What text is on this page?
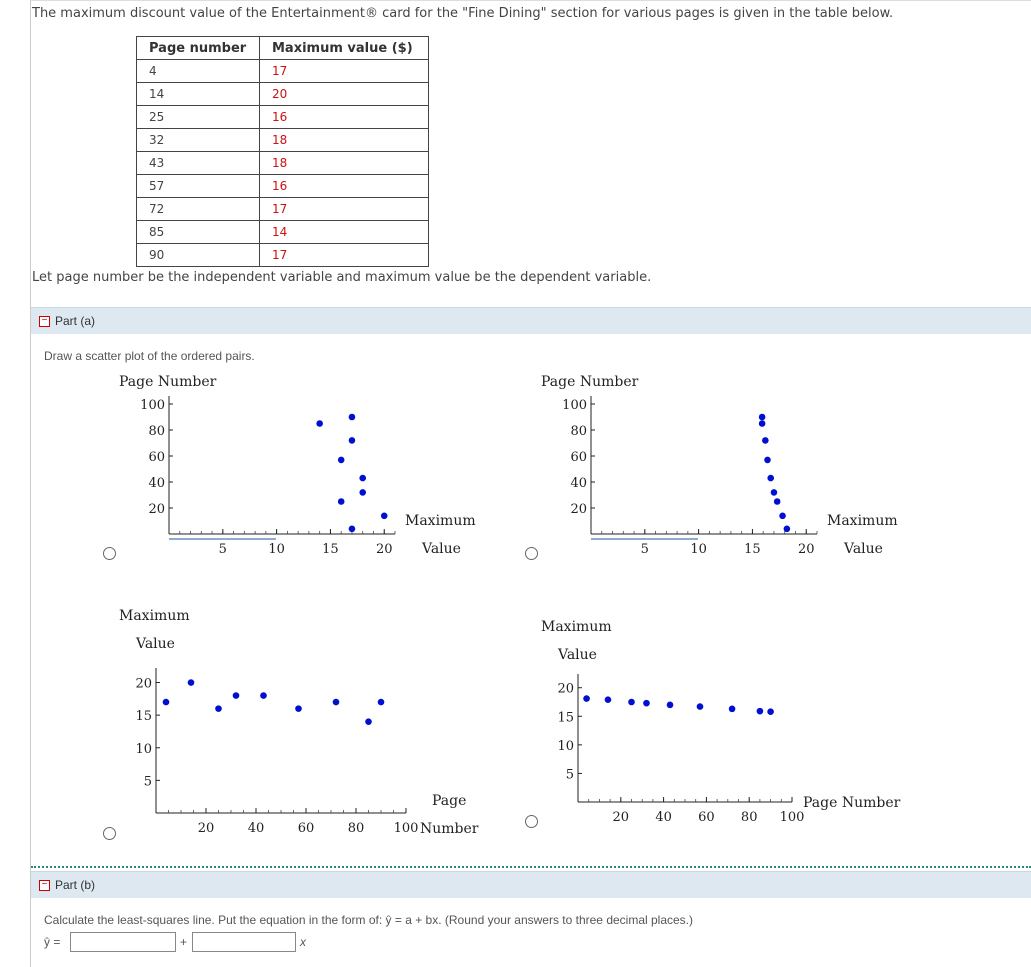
The maximum discount value of the Entertainment® card for the "Fine Dining" section for various pages is given in the table below.
Page number	Maximum value ($)
4	17
14	20
25	16
32	18
43	18
57	16
72	17
85	14
90	17
Let page number be the independent variable and maximum value be the dependent variable.
− Part (a)
Draw a scatter plot of the ordered pairs.
5	10	15	20
20
40
60
80
100
Page Number
Maximum
Value	5	10	15	20
20
40
60
80
100
Page Number
Maximum
Value
20	40	60	80 100
5
10
15
20
Maximum
Value
Page
Number
20 40 60 80 100
5
10
15
20
Maximum
Value
Page Number
− Part (b)
Calculate the least-squares line. Put the equation in the form of: ŷ = a + bx. (Round your answers to three decimal places.)
ŷ =	+	x
